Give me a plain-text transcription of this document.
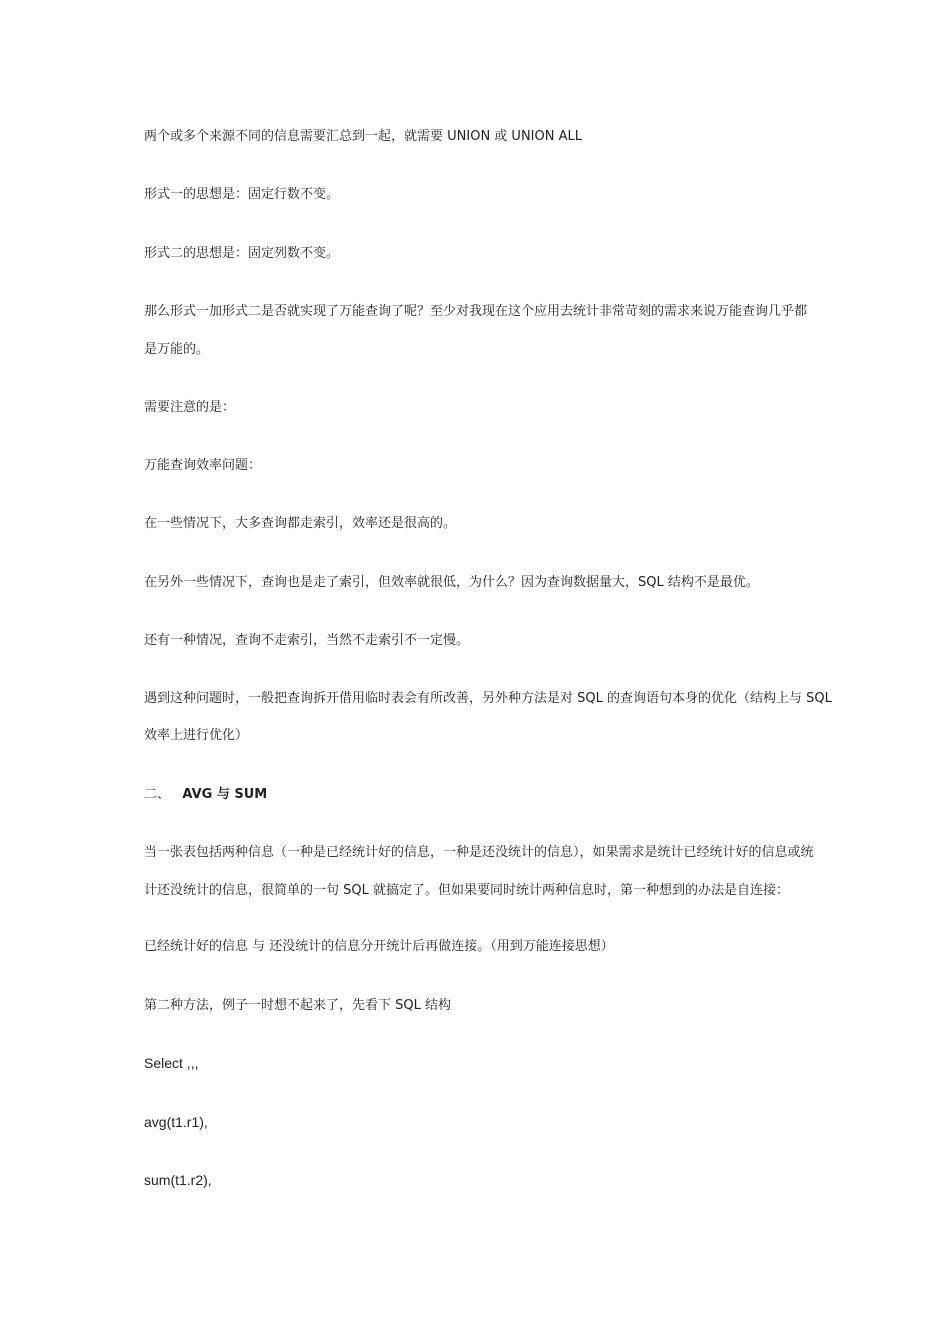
两个或多个来源不同的信息需要汇总到一起，就需要 UNION 或 UNION ALL

形式一的思想是：固定行数不变。

形式二的思想是：固定列数不变。

那么形式一加形式二是否就实现了万能查询了呢？至少对我现在这个应用去统计非常苛刻的需求来说万能查询几乎都

是万能的。

需要注意的是：

万能查询效率问题：

在一些情况下，大多查询都走索引，效率还是很高的。

在另外一些情况下，查询也是走了索引，但效率就很低，为什么？因为查询数据量大，SQL 结构不是最优。

还有一种情况，查询不走索引，当然不走索引不一定慢。

遇到这种问题时，一般把查询拆开借用临时表会有所改善，另外种方法是对 SQL 的查询语句本身的优化（结构上与 SQL

效率上进行优化）

二、 AVG 与 SUM

当一张表包括两种信息（一种是已经统计好的信息，一种是还没统计的信息），如果需求是统计已经统计好的信息或统

计还没统计的信息，很简单的一句 SQL 就搞定了。但如果要同时统计两种信息时，第一种想到的办法是自连接：

已经统计好的信息 与 还没统计的信息分开统计后再做连接。（用到万能连接思想）

第二种方法，例子一时想不起来了，先看下 SQL 结构

Select ,,,

avg(t1.r1),

sum(t1.r2),
